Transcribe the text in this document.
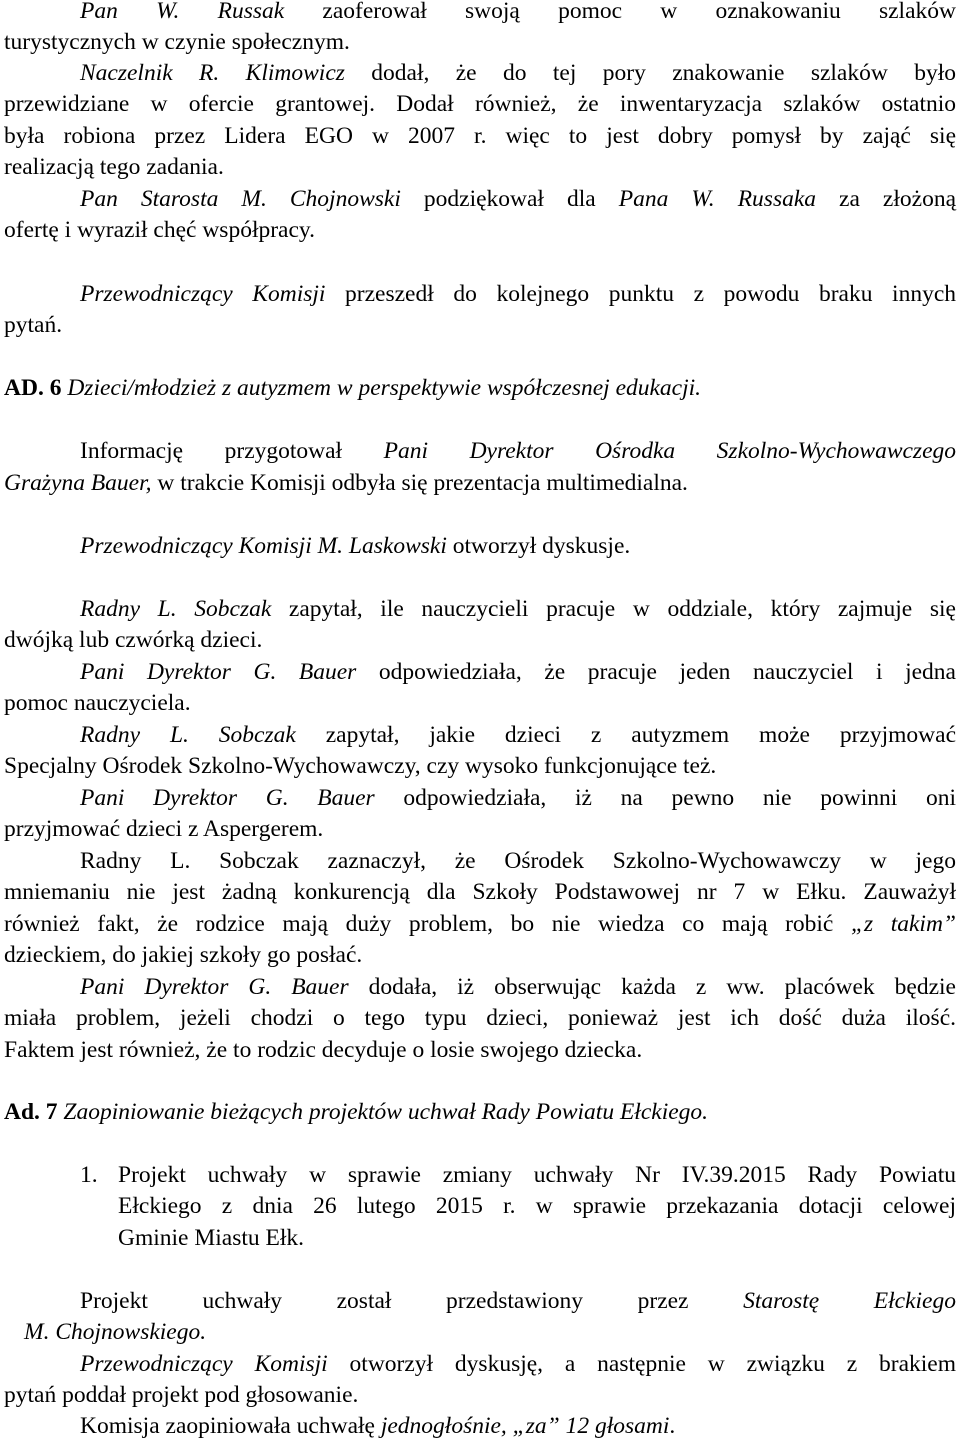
Pan W. Russak zaoferował swoją pomoc w oznakowaniu szlaków
turystycznych w czynie społecznym.
Naczelnik R. Klimowicz dodał, że do tej pory znakowanie szlaków było
przewidziane w ofercie grantowej. Dodał również, że inwentaryzacja szlaków ostatnio
była robiona przez Lidera EGO w 2007 r. więc to jest dobry pomysł by zająć się
realizacją tego zadania.
Pan Starosta M. Chojnowski podziękował dla Pana W. Russaka za złożoną
ofertę i wyraził chęć współpracy.
Przewodniczący Komisji przeszedł do kolejnego punktu z powodu braku innych
pytań.
AD. 6 Dzieci/młodzież z autyzmem w perspektywie współczesnej edukacji.
Informację przygotował Pani Dyrektor Ośrodka Szkolno-Wychowawczego
Grażyna Bauer, w trakcie Komisji odbyła się prezentacja multimedialna.
Przewodniczący Komisji M. Laskowski otworzył dyskusje.
Radny L. Sobczak zapytał, ile nauczycieli pracuje w oddziale, który zajmuje się
dwójką lub czwórką dzieci.
Pani Dyrektor G. Bauer odpowiedziała, że pracuje jeden nauczyciel i jedna
pomoc nauczyciela.
Radny L. Sobczak zapytał, jakie dzieci z autyzmem może przyjmować
Specjalny Ośrodek Szkolno-Wychowawczy, czy wysoko funkcjonujące też.
Pani Dyrektor G. Bauer odpowiedziała, iż na pewno nie powinni oni
przyjmować dzieci z Aspergerem.
Radny L. Sobczak zaznaczył, że Ośrodek Szkolno-Wychowawczy w jego
mniemaniu nie jest żadną konkurencją dla Szkoły Podstawowej nr 7 w Ełku. Zauważył
również fakt, że rodzice mają duży problem, bo nie wiedza co mają robić „z takim”
dzieckiem, do jakiej szkoły go posłać.
Pani Dyrektor G. Bauer dodała, iż obserwując każda z ww. placówek będzie
miała problem, jeżeli chodzi o tego typu dzieci, ponieważ jest ich dość duża ilość.
Faktem jest również, że to rodzic decyduje o losie swojego dziecka.
Ad. 7 Zaopiniowanie bieżących projektów uchwał Rady Powiatu Ełckiego.
1. Projekt uchwały w sprawie zmiany uchwały Nr IV.39.2015 Rady Powiatu
Ełckiego z dnia 26 lutego 2015 r. w sprawie przekazania dotacji celowej
Gminie Miastu Ełk.
Projekt uchwały został przedstawiony przez Starostę Ełckiego
M. Chojnowskiego.
Przewodniczący Komisji otworzył dyskusję, a następnie w związku z brakiem
pytań poddał projekt pod głosowanie.
Komisja zaopiniowała uchwałę jednogłośnie, „za” 12 głosami.
